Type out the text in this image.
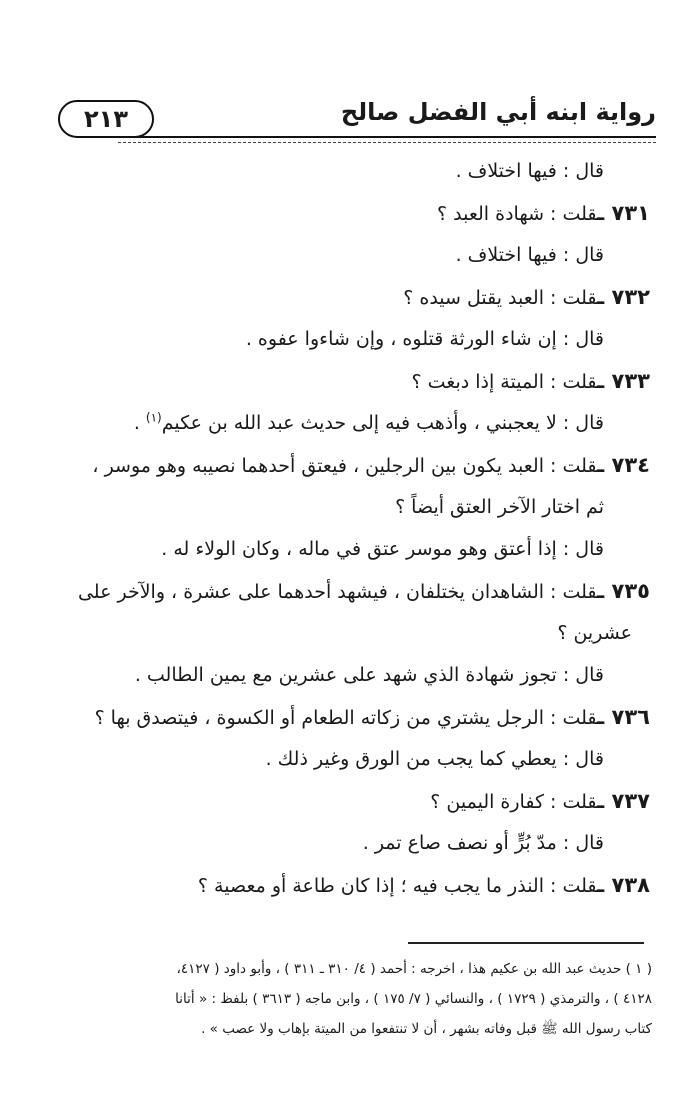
٢١٣	رواية ابنه أبي الفضل صالح
قال : فيها اختلاف .
٧٣١ ـقلت : شهادة العبد ؟
قال : فيها اختلاف .
٧٣٢ ـقلت : العبد يقتل سيده ؟
قال : إن شاء الورثة قتلوه ، وإن شاءوا عفوه .
٧٣٣ ـقلت : الميتة إذا دبغت ؟
قال : لا يعجبني ، وأذهب فيه إلى حديث عبد الله بن عكيم$^{(١)}$ .
٧٣٤ ـقلت : العبد يكون بين الرجلين ، فيعتق أحدهما نصيبه وهو موسر ،
ثم اختار الآخر العتق أيضاً ؟
قال : إذا أعتق وهو موسر عتق في ماله ، وكان الولاء له .
٧٣٥ ـقلت : الشاهدان يختلفان ، فيشهد أحدهما على عشرة ، والآخر على
عشرين ؟
قال : تجوز شهادة الذي شهد على عشرين مع يمين الطالب .
٧٣٦ ـقلت : الرجل يشتري من زكاته الطعام أو الكسوة ، فيتصدق بها ؟
قال : يعطي كما يجب من الورق وغير ذلك .
٧٣٧ ـقلت : كفارة اليمين ؟
قال : مدّ بُرٍّ أو نصف صاع تمر .
٧٣٨ ـقلت : النذر ما يجب فيه ؛ إذا كان طاعة أو معصية ؟
( ١ ) حديث عبد الله بن عكيم هذا ، اخرجه : أحمد ( ٤/ ٣١٠ ـ ٣١١ ) ، وأبو داود ( ٤١٢٧،
٤١٢٨ ) ، والترمذي ( ١٧٢٩ ) ، والنسائي ( ٧/ ١٧٥ ) ، وابن ماجه ( ٣٦١٣ ) بلفظ : « أتانا
كتاب رسول الله ﷺ قبل وفاته بشهر ، أن لا تنتفعوا من الميتة بإهاب ولا عصب » .
